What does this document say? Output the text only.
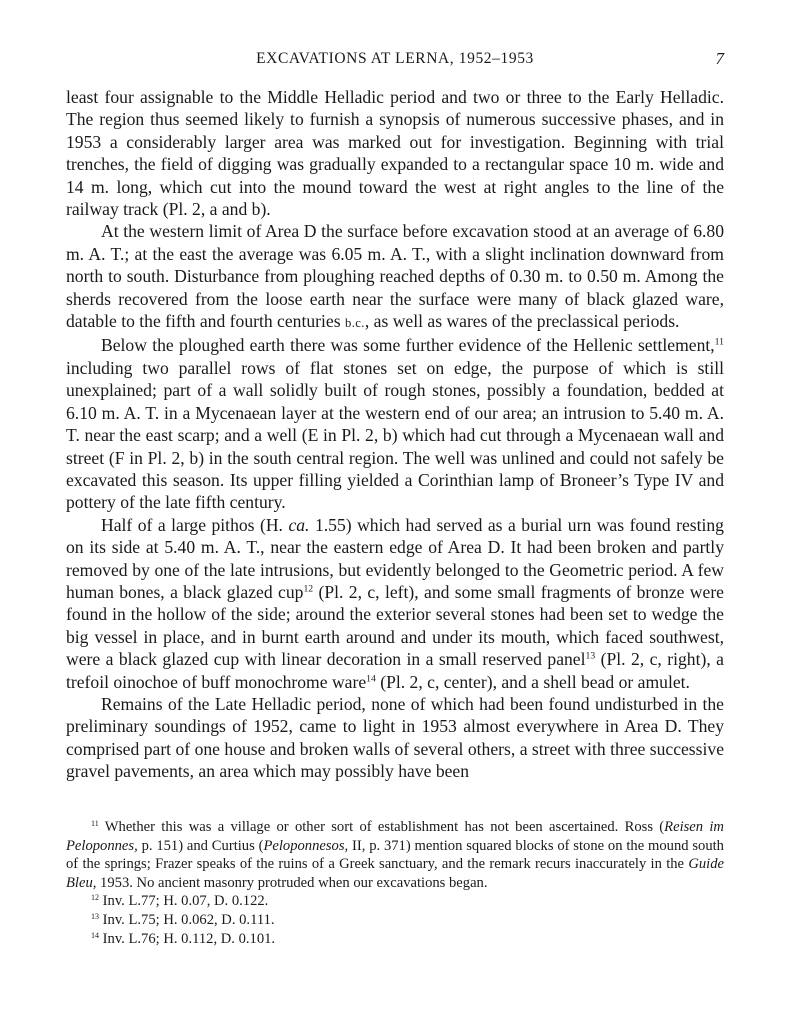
EXCAVATIONS AT LERNA, 1952–1953	7

least four assignable to the Middle Helladic period and two or three to the Early Helladic. The region thus seemed likely to furnish a synopsis of numerous successive phases, and in 1953 a considerably larger area was marked out for investigation. Beginning with trial trenches, the field of digging was gradually expanded to a rectangular space 10 m. wide and 14 m. long, which cut into the mound toward the west at right angles to the line of the railway track (Pl. 2, a and b).

At the western limit of Area D the surface before excavation stood at an average of 6.80 m. A. T.; at the east the average was 6.05 m. A. T., with a slight inclination downward from north to south. Disturbance from ploughing reached depths of 0.30 m. to 0.50 m. Among the sherds recovered from the loose earth near the surface were many of black glazed ware, datable to the fifth and fourth centuries b.c., as well as wares of the preclassical periods.

Below the ploughed earth there was some further evidence of the Hellenic settlement,$^{11}$ including two parallel rows of flat stones set on edge, the purpose of which is still unexplained; part of a wall solidly built of rough stones, possibly a foundation, bedded at 6.10 m. A. T. in a Mycenaean layer at the western end of our area; an intrusion to 5.40 m. A. T. near the east scarp; and a well (E in Pl. 2, b) which had cut through a Mycenaean wall and street (F in Pl. 2, b) in the south central region. The well was unlined and could not safely be excavated this season. Its upper filling yielded a Corinthian lamp of Broneer’s Type IV and pottery of the late fifth century.

Half of a large pithos (H. ca. 1.55) which had served as a burial urn was found resting on its side at 5.40 m. A. T., near the eastern edge of Area D. It had been broken and partly removed by one of the late intrusions, but evidently belonged to the Geometric period. A few human bones, a black glazed cup$^{12}$ (Pl. 2, c, left), and some small fragments of bronze were found in the hollow of the side; around the exterior several stones had been set to wedge the big vessel in place, and in burnt earth around and under its mouth, which faced southwest, were a black glazed cup with linear decoration in a small reserved panel$^{13}$ (Pl. 2, c, right), a trefoil oinochoe of buff monochrome ware$^{14}$ (Pl. 2, c, center), and a shell bead or amulet.

Remains of the Late Helladic period, none of which had been found undisturbed in the preliminary soundings of 1952, came to light in 1953 almost everywhere in Area D. They comprised part of one house and broken walls of several others, a street with three successive gravel pavements, an area which may possibly have been

$^{11}$ Whether this was a village or other sort of establishment has not been ascertained. Ross (Reisen im Peloponnes, p. 151) and Curtius (Peloponnesos, II, p. 371) mention squared blocks of stone on the mound south of the springs; Frazer speaks of the ruins of a Greek sanctuary, and the remark recurs inaccurately in the Guide Bleu, 1953. No ancient masonry protruded when our excavations began.

$^{12}$ Inv. L.77; H. 0.07, D. 0.122.

$^{13}$ Inv. L.75; H. 0.062, D. 0.111.

$^{14}$ Inv. L.76; H. 0.112, D. 0.101.
